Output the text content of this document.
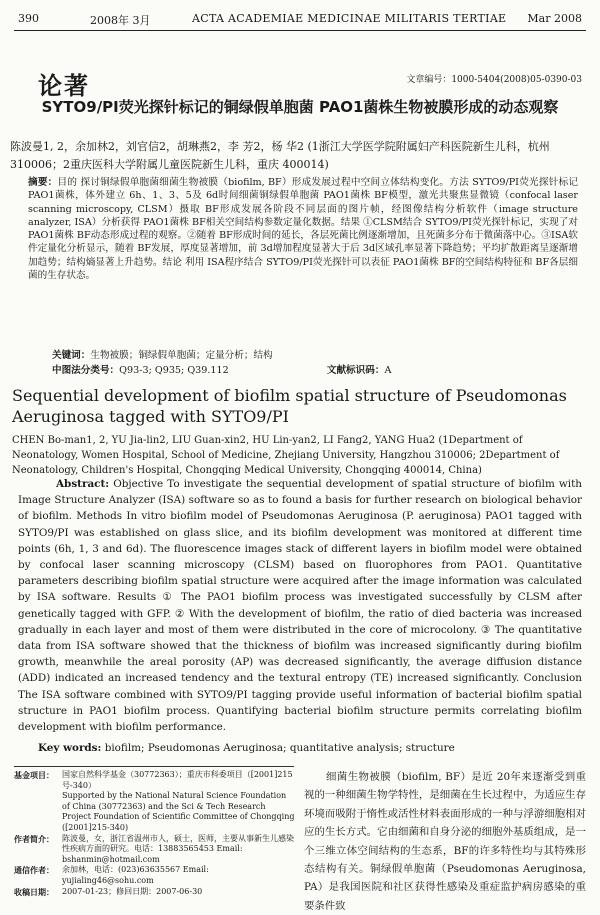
390	2008年 3月	ACTA ACADEMIAE MEDICINAE MILITARIS TERTIAE Mar 2008
论著	文章编号：1000-5404(2008)05-0390-03
SYTO9/PI荧光探针标记的铜绿假单胞菌 PAO1菌株生物被膜形成的动态观察
陈波曼1, 2，余加林2，刘官信2，胡琳燕2，李 芳2，杨 华2 (1浙江大学医学院附属妇产科医院新生儿科，杭州 310006；2重庆医科大学附属儿童医院新生儿科，重庆 400014)
摘要：目的 探讨铜绿假单胞菌细菌生物被膜（biofilm, BF）形成发展过程中空间立体结构变化。方法 SYTO9/PI荧光探针标记 PAO1菌株，体外建立 6h、1、3、5及 6d时间细菌铜绿假单胞菌 PAO1菌株 BF模型，激光共聚焦显微镜（confocal laser scanning microscopy, CLSM）摄取 BF形成发展各阶段不同层面的图片帧，经图像结构分析软件（image structure analyzer, ISA）分析获得 PAO1菌株 BF相关空间结构参数定量化数据。结果 ①CLSM结合 SYTO9/PI荧光探针标记，实现了对 PAO1菌株 BF动态形成过程的观察。②随着 BF形成时间的延长，各层死菌比例逐渐增加，且死菌多分布于微菌落中心。③ISA软件定量化分析显示，随着 BF发展，厚度显著增加，前 3d增加程度显著大于后 3d区域孔率显著下降趋势；平均扩散距离呈逐渐增加趋势；结构熵显著上升趋势。结论 利用 ISA程序结合 SYTO9/PI荧光探针可以表征 PAO1菌株 BF的空间结构特征和 BF各层细菌的生存状态。
关键词：生物被膜；铜绿假单胞菌；定量分析；结构
中图法分类号：Q93-3; Q935; Q39.112	文献标识码：A
Sequential development of biofilm spatial structure of Pseudomonas Aeruginosa tagged with SYTO9/PI
CHEN Bo-man1, 2, YU Jia-lin2, LIU Guan-xin2, HU Lin-yan2, LI Fang2, YANG Hua2 (1Department of Neonatology, Women Hospital, School of Medicine, Zhejiang University, Hangzhou 310006; 2Department of Neonatology, Children's Hospital, Chongqing Medical University, Chongqing 400014, China)
Abstract: Objective To investigate the sequential development of spatial structure of biofilm with Image Structure Analyzer (ISA) software so as to found a basis for further research on biological behavior of biofilm. Methods In vitro biofilm model of Pseudomonas Aeruginosa (P. aeruginosa) PAO1 tagged with SYTO9/PI was established on glass slice, and its biofilm development was monitored at different time points (6h, 1, 3 and 6d). The fluorescence images stack of different layers in biofilm model were obtained by confocal laser scanning microscopy (CLSM) based on fluorophores from PAO1. Quantitative parameters describing biofilm spatial structure were acquired after the image information was calculated by ISA software. Results ① The PAO1 biofilm process was investigated successfully by CLSM after genetically tagged with GFP. ② With the development of biofilm, the ratio of died bacteria was increased gradually in each layer and most of them were distributed in the core of microcolony. ③ The quantitative data from ISA software showed that the thickness of biofilm was increased significantly during biofilm growth, meanwhile the areal porosity (AP) was decreased significantly, the average diffusion distance (ADD) indicated an increased tendency and the textural entropy (TE) increased significantly. Conclusion The ISA software combined with SYTO9/PI tagging provide useful information of bacterial biofilm spatial structure in PAO1 biofilm process. Quantifying bacterial biofilm structure permits correlating biofilm development with biofilm performance.
Key words: biofilm; Pseudomonas Aeruginosa; quantitative analysis; structure
基金项目：	国家自然科学基金（30772363）；重庆市科委项目（[2001]215号-340）
Supported by the National Natural Science Foundation of China (30772363) and the Sci & Tech Research Project Foundation of Scientific Committee of Chongqing ([2001]215-340)
作者简介：	陈波曼，女，浙江省温州市人，硕士，医师，主要从事新生儿感染性疾病方面的研究。电话：13883565453 Email: bshanmin@hotmail.com
通信作者：	余加林，电话：(023)63635567 Email: yujialing46@sohu.com
收稿日期：	2007-01-23；修回日期：2007-06-30
细菌生物被膜（biofilm, BF）是近 20年来逐渐受到重视的一种细菌生物学特性，是细菌在生长过程中，为适应生存环境而吸附于惰性或活性材料表面形成的一种与浮游细胞相对应的生长方式。它由细菌和自身分泌的细胞外基质组成，是一个三维立体空间结构的生态系，BF的许多特性均与其特殊形态结构有关。铜绿假单胞菌（Pseudomonas Aeruginosa, PA）是我国医院和社区获得性感染及重症监护病房感染的重要条件致
